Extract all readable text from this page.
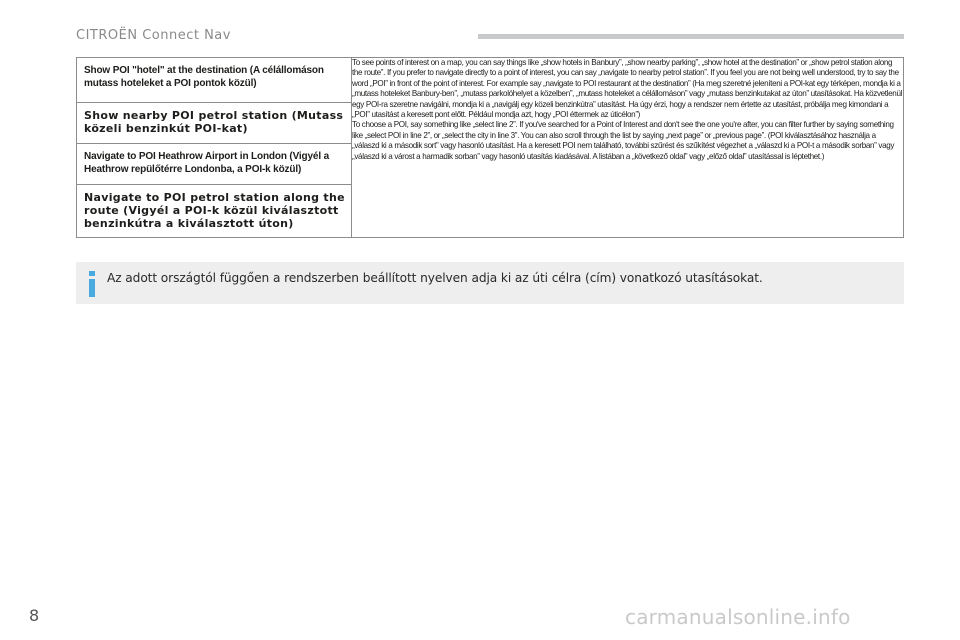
CITROËN Connect Nav
Show POI "hotel" at the destination (A célállomáson mutass hoteleket a POI pontok közül)

To see points of interest on a map, you can say things like „show hotels in Banbury”, „show nearby parking”, „show hotel at the destination” or „show petrol station along the route”. If you prefer to navigate directly to a point of interest, you can say „navigate to nearby petrol station”. If you feel you are not being well understood, try to say the word „POI” in front of the point of interest. For example say „navigate to POI restaurant at the destination” (Ha meg szeretné jeleníteni a POI-kat egy térképen, mondja ki a „mutass hoteleket Banbury-ben”, „mutass parkolóhelyet a közelben”, „mutass hoteleket a célállomáson” vagy „mutass benzinkutakat az úton” utasításokat. Ha közvetlenül egy POI-ra szeretne navigálni, mondja ki a „navigálj egy közeli benzinkútra” utasítást. Ha úgy érzi, hogy a rendszer nem értette az utasítást, próbálja meg kimondani a „POI” utasítást a keresett pont előtt. Például mondja azt, hogy „POI éttermek az úticélon”)

To choose a POI, say something like „select line 2”. If you've searched for a Point of Interest and don't see the one you're after, you can filter further by saying something like „select POI in line 2”, or „select the city in line 3”. You can also scroll through the list by saying „next page” or „previous page”. (POI kiválasztásához használja a „válaszd ki a második sort” vagy hasonló utasítást. Ha a keresett POI nem található, további szűrést és szűkítést végezhet a „válaszd ki a POI-t a második sorban” vagy „válaszd ki a várost a harmadik sorban” vagy hasonló utasítás kiadásával. A listában a „következő oldal” vagy „előző oldal” utasítással is léptethet.)

Show nearby POI petrol station (Mutass közeli benzinkút POI-kat)

Navigate to POI Heathrow Airport in London (Vigyél a Heathrow repülőtérre Londonba, a POI-k közül)

Navigate to POI petrol station along the route (Vigyél a POI-k közül kiválasztott benzinkútra a kiválasztott úton)
Az adott országtól függően a rendszerben beállított nyelven adja ki az úti célra (cím) vonatkozó utasításokat.
8	carmanualsonline.info
